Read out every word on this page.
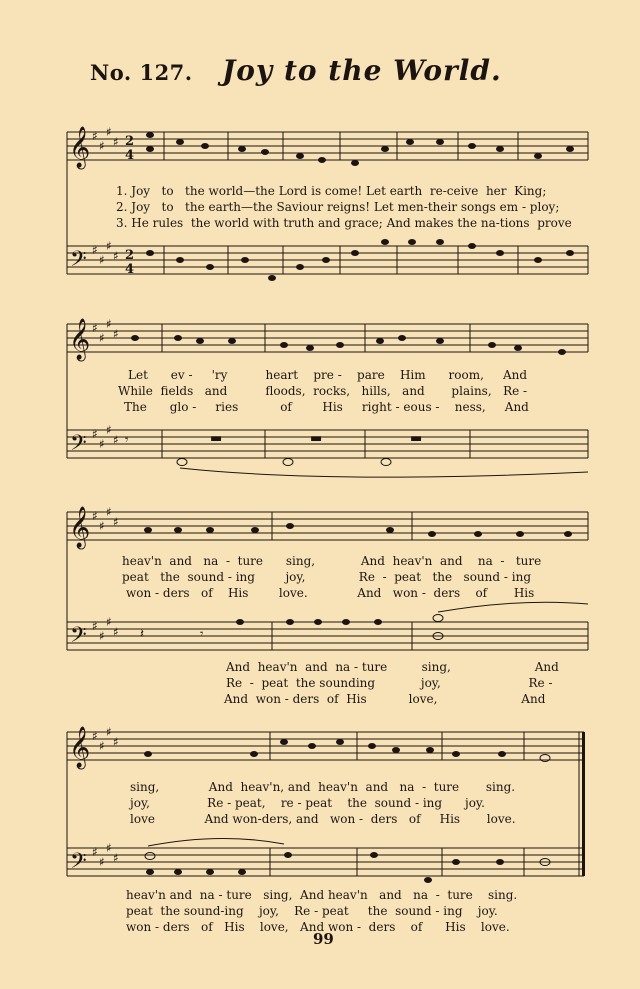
No. 127. Joy to the World.
𝄞
𝄢
♯
♯
♯
♯
♯
♯
♯
♯
2
4
2
4
1. Joy   to   the world—the Lord is come! Let earth  re-ceive  her  King;
2. Joy   to   the earth—the Saviour reigns! Let men-their songs em - ploy;
3. He rules  the world with truth and grace; And makes the na-tions  prove
𝄞
𝄢
♯
♯
♯
♯
♯
♯
♯
♯ 𝄾	▬	▬	▬
Let      ev -     'ry          heart    pre -    pare    Him      room,     And
While  fields   and          floods,  rocks,   hills,   and       plains,   Re -
The      glo -     ries           of        His     right - eous -    ness,     And
𝄞
𝄢
♯
♯
♯
♯
♯
♯
♯
♯ 𝄽	𝄾
heav'n  and   na  -  ture      sing,            And  heav'n  and    na  -   ture
peat   the  sound - ing        joy,              Re  -  peat   the   sound - ing
won - ders   of    His        love.             And   won -  ders    of       His
And  heav'n  and  na - ture         sing,                      And
Re  -  peat  the sounding            joy,                       Re -
And  won - ders  of  His           love,                      And
𝄞
𝄢
♯
♯
♯
♯
♯
♯
♯
♯
sing,             And  heav'n, and  heav'n  and   na  -  ture       sing.
joy,               Re - peat,    re - peat    the  sound - ing      joy.
love             And won-ders, and   won -  ders   of     His       love.
heav'n and  na - ture   sing,  And heav'n   and   na  -  ture    sing.
peat  the sound-ing    joy,    Re - peat     the  sound - ing    joy.
won - ders   of   His    love,   And won -  ders    of      His    love.
99
